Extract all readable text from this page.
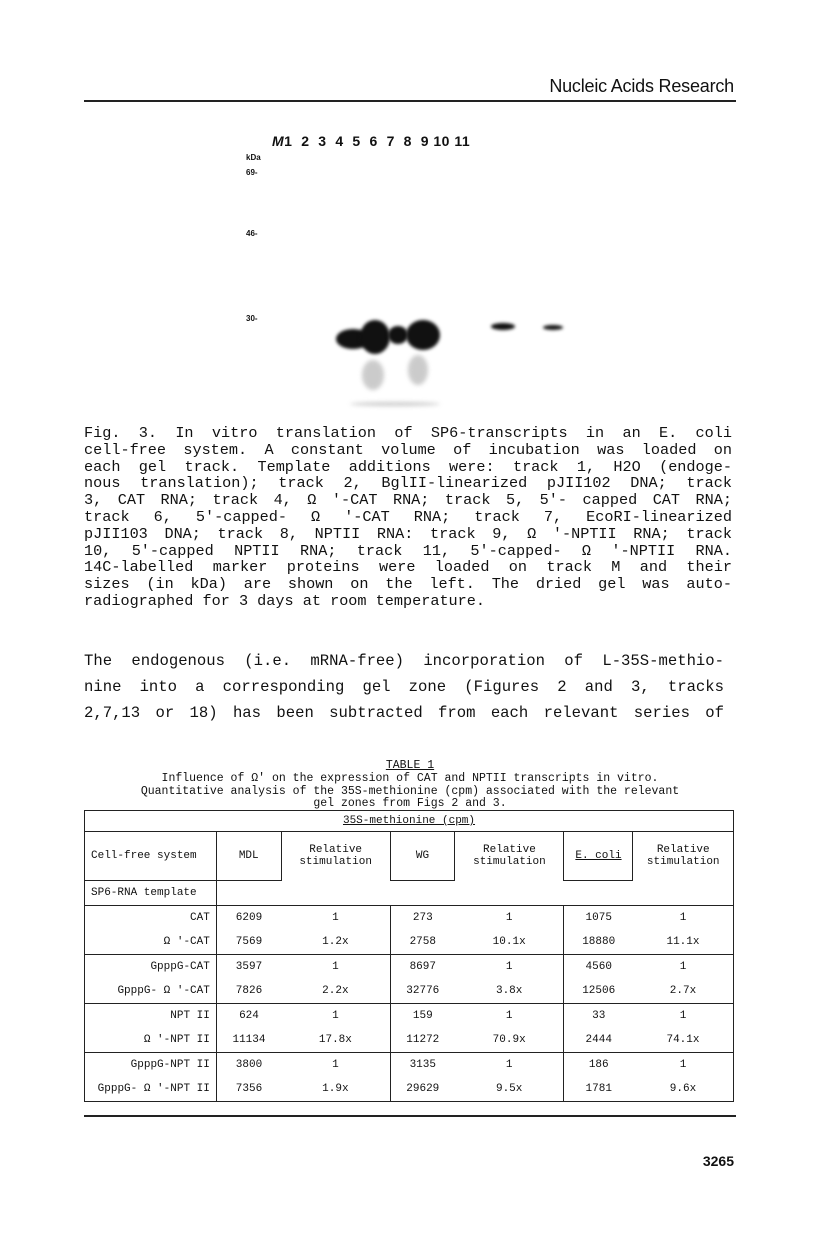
Nucleic Acids Research
M1  2  3  4  5  6  7  8  9 10 11
kDa
69-
46-
30-
Fig. 3. In vitro translation of SP6-transcripts in an E. coli
cell-free system. A constant volume of incubation was loaded on
each gel track. Template additions were: track 1, H2O (endoge-
nous translation); track 2, BglII-linearized pJII102 DNA; track
3, CAT RNA; track 4, Ω '-CAT RNA; track 5, 5'- capped CAT RNA;
track 6, 5'-capped- Ω '-CAT RNA; track 7, EcoRI-linearized
pJII103 DNA; track 8, NPTII RNA: track 9, Ω '-NPTII RNA; track
10, 5'-capped NPTII RNA; track 11, 5'-capped- Ω '-NPTII RNA.
14C-labelled marker proteins were loaded on track M and their
sizes (in kDa) are shown on the left. The dried gel was auto-
radiographed for 3 days at room temperature.
The endogenous (i.e. mRNA-free) incorporation of L-35S-methio-
nine into a corresponding gel zone (Figures 2 and 3, tracks
2,7,13 or 18) has been subtracted from each relevant series of
TABLE 1
Influence of Ω' on the expression of CAT and NPTII transcripts in vitro.
Quantitative analysis of the 35S-methionine (cpm) associated with the relevant
gel zones from Figs 2 and 3.
35S-methionine (cpm)						
Cell-free system	MDL	Relative stimulation	WG	Relative stimulation	E. coli	Relative stimulation
SP6-RNA template						
CAT	6209	1	273	1	1075	1
Ω '-CAT	7569	1.2x	2758	10.1x	18880	11.1x
GpppG-CAT	3597	1	8697	1	4560	1
GpppG- Ω '-CAT	7826	2.2x	32776	3.8x	12506	2.7x
NPT II	624	1	159	1	33	1
Ω '-NPT II	11134	17.8x	11272	70.9x	2444	74.1x
GpppG-NPT II	3800	1	3135	1	186	1
GpppG- Ω '-NPT II	7356	1.9x	29629	9.5x	1781	9.6x
3265
